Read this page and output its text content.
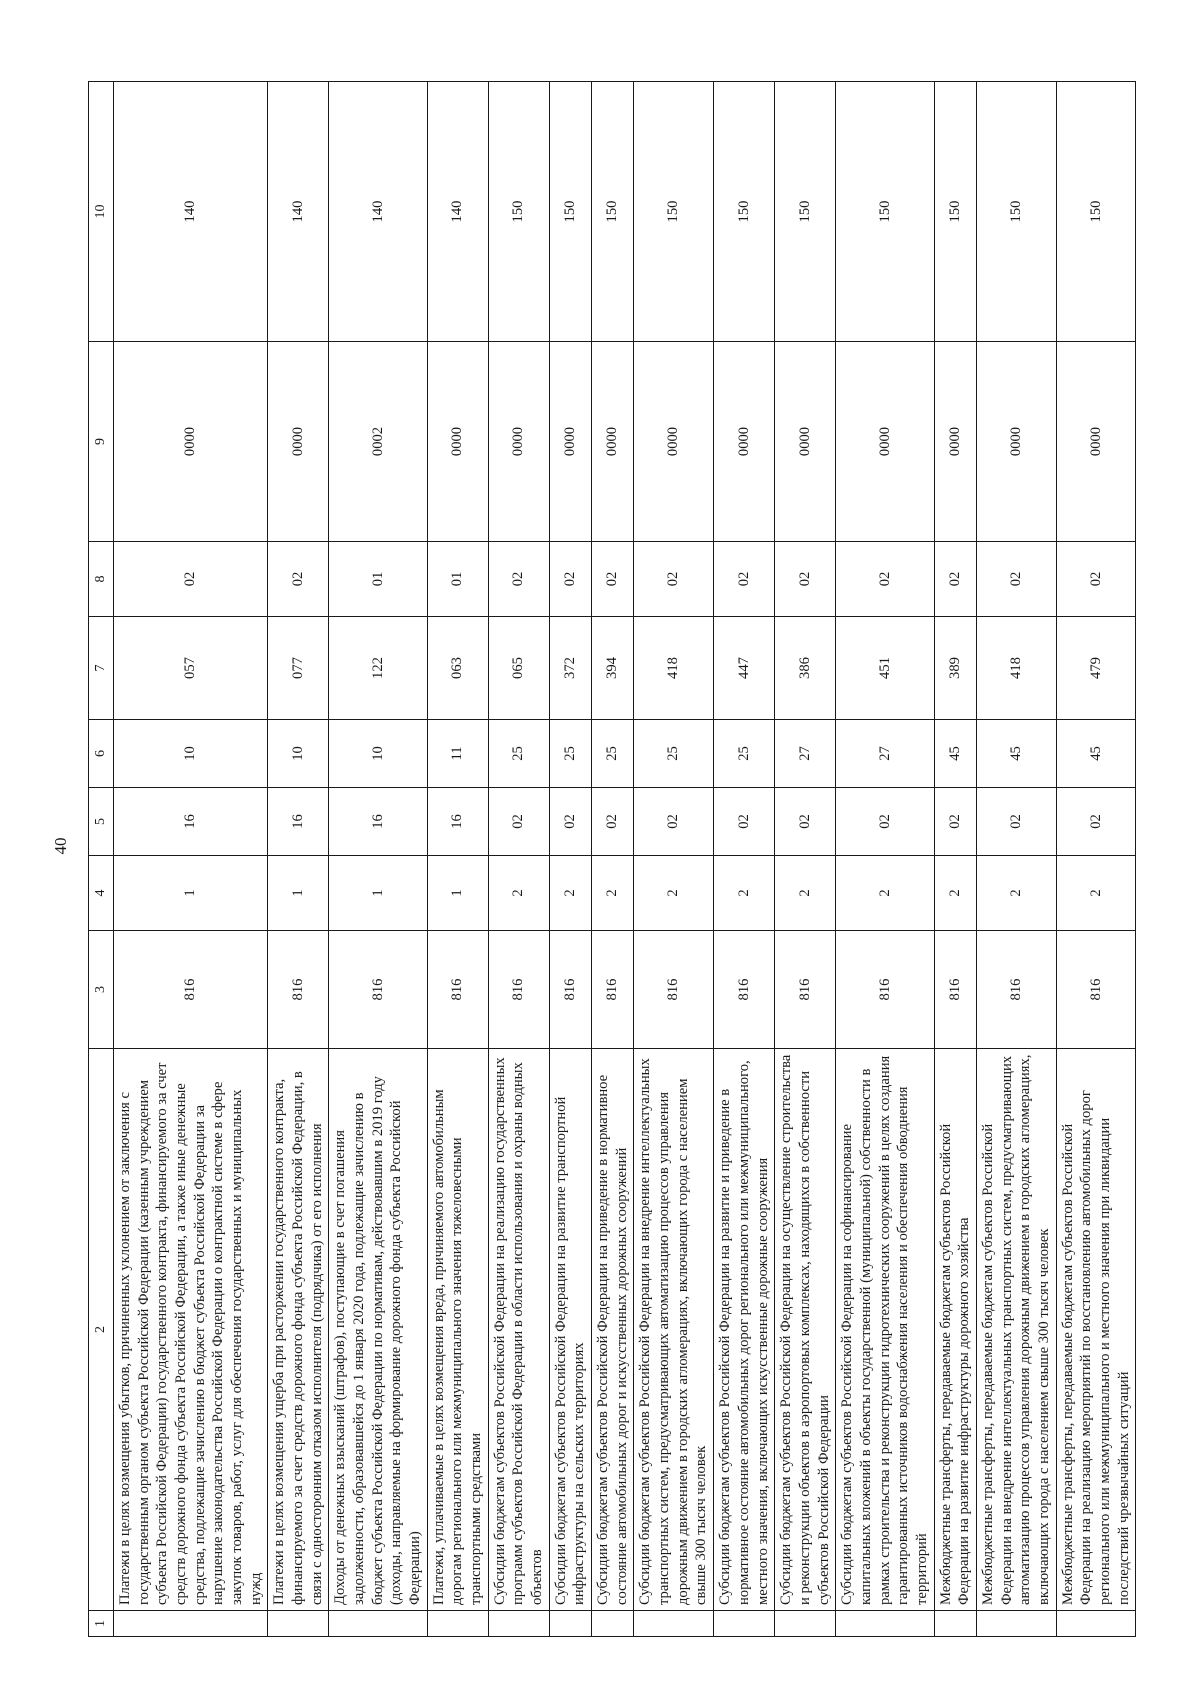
40
1	2	3	4	5	6	7	8	9	10
	Платежи в целях возмещения убытков, причиненных уклонением от заключения с государственным органом субъекта Российской Федерации (казенным учреждением субъекта Российской Федерации) государственного контракта, финансируемого за счет средств дорожного фонда субъекта Российской Федерации, а также иные денежные средства, подлежащие зачислению в бюджет субъекта Российской Федерации за нарушение законодательства Российской Федерации о контрактной системе в сфере закупок товаров, работ, услуг для обеспечения государственных и муниципальных нужд	816	1	16	10	057	02	0000	140
	Платежи в целях возмещения ущерба при расторжении государственного контракта, финансируемого за счет средств дорожного фонда субъекта Российской Федерации, в связи с односторонним отказом исполнителя (подрядчика) от его исполнения	816	1	16	10	077	02	0000	140
	Доходы от денежных взысканий (штрафов), поступающие в счет погашения задолженности, образовавшейся до 1 января 2020 года, подлежащие зачислению в бюджет субъекта Российской Федерации по нормативам, действовавшим в 2019 году (доходы, направляемые на формирование дорожного фонда субъекта Российской Федерации)	816	1	16	10	122	01	0002	140
	Платежи, уплачиваемые в целях возмещения вреда, причиняемого автомобильным дорогам регионального или межмуниципального значения тяжеловесными транспортными средствами	816	1	16	11	063	01	0000	140
	Субсидии бюджетам субъектов Российской Федерации на реализацию государственных программ субъектов Российской Федерации в области использования и охраны водных объектов	816	2	02	25	065	02	0000	150
	Субсидии бюджетам субъектов Российской Федерации на развитие транспортной инфраструктуры на сельских территориях	816	2	02	25	372	02	0000	150
	Субсидии бюджетам субъектов Российской Федерации на приведение в нормативное состояние автомобильных дорог и искусственных дорожных сооружений	816	2	02	25	394	02	0000	150
	Субсидии бюджетам субъектов Российской Федерации на внедрение интеллектуальных транспортных систем, предусматривающих автоматизацию процессов управления дорожным движением в городских агломерациях, включающих города с населением свыше 300 тысяч человек	816	2	02	25	418	02	0000	150
	Субсидии бюджетам субъектов Российской Федерации на развитие и приведение в нормативное состояние автомобильных дорог регионального или межмуниципального, местного значения, включающих искусственные дорожные сооружения	816	2	02	25	447	02	0000	150
	Субсидии бюджетам субъектов Российской Федерации на осуществление строительства и реконструкции объектов в аэропортовых комплексах, находящихся в собственности субъектов Российской Федерации	816	2	02	27	386	02	0000	150
	Субсидии бюджетам субъектов Российской Федерации на софинансирование капитальных вложений в объекты государственной (муниципальной) собственности в рамках строительства и реконструкции гидротехнических сооружений в целях создания гарантированных источников водоснабжения населения и обеспечения обводнения территорий	816	2	02	27	451	02	0000	150
	Межбюджетные трансферты, передаваемые бюджетам субъектов Российской Федерации на развитие инфраструктуры дорожного хозяйства	816	2	02	45	389	02	0000	150
	Межбюджетные трансферты, передаваемые бюджетам субъектов Российской Федерации на внедрение интеллектуальных транспортных систем, предусматривающих автоматизацию процессов управления дорожным движением в городских агломерациях, включающих города с населением свыше 300 тысяч человек	816	2	02	45	418	02	0000	150
	Межбюджетные трансферты, передаваемые бюджетам субъектов Российской Федерации на реализацию мероприятий по восстановлению автомобильных дорог регионального или межмуниципального и местного значения при ликвидации последствий чрезвычайных ситуаций	816	2	02	45	479	02	0000	150
